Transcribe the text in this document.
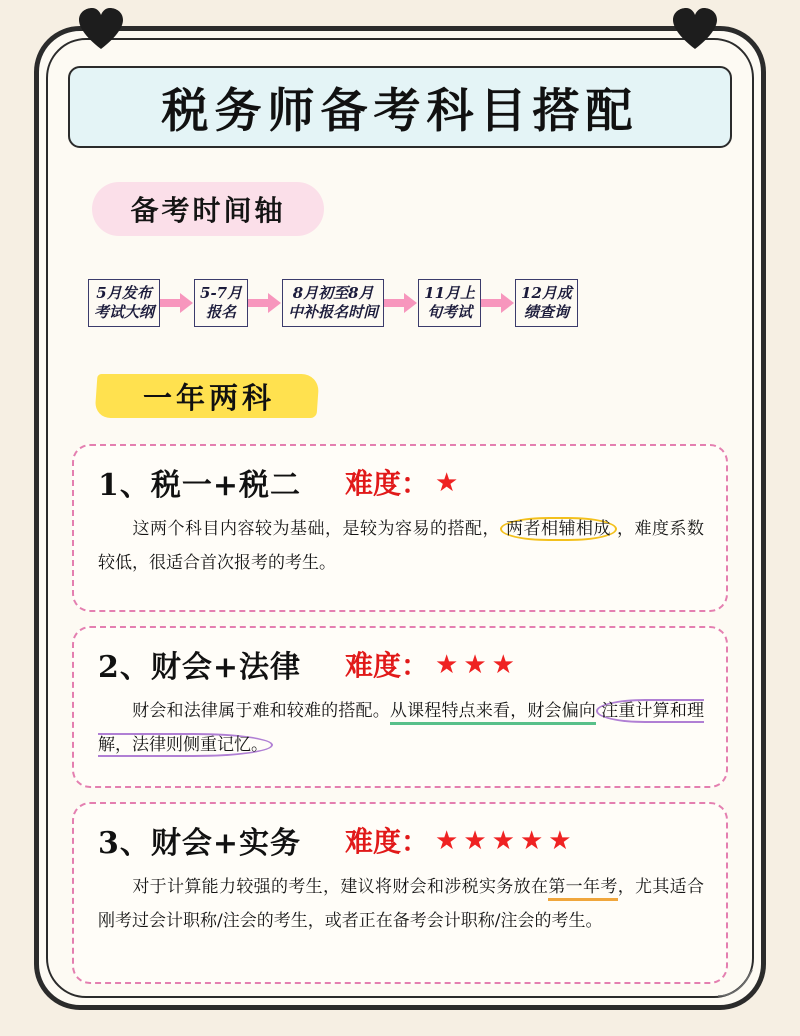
税务师备考科目搭配
备考时间轴
5月发布
考试大纲
5-7月
报名
8月初至8月
中补报名时间
11月上
旬考试
12月成
绩查询
一年两科
1、税一+税二 难度： ★
这两个科目内容较为基础，是较为容易的搭配， 两者相辅相成 ，难度系数较低，很适合首次报考的考生。
2、财会+法律 难度： ★★★
财会和法律属于难和较难的搭配。从课程特点来看，财会偏向 注重计算和理解，法律则侧重记忆。
3、财会+实务 难度： ★★★★★
对于计算能力较强的考生，建议将财会和涉税实务放在第一年考，尤其适合刚考过会计职称/注会的考生，或者正在备考会计职称/注会的考生。
